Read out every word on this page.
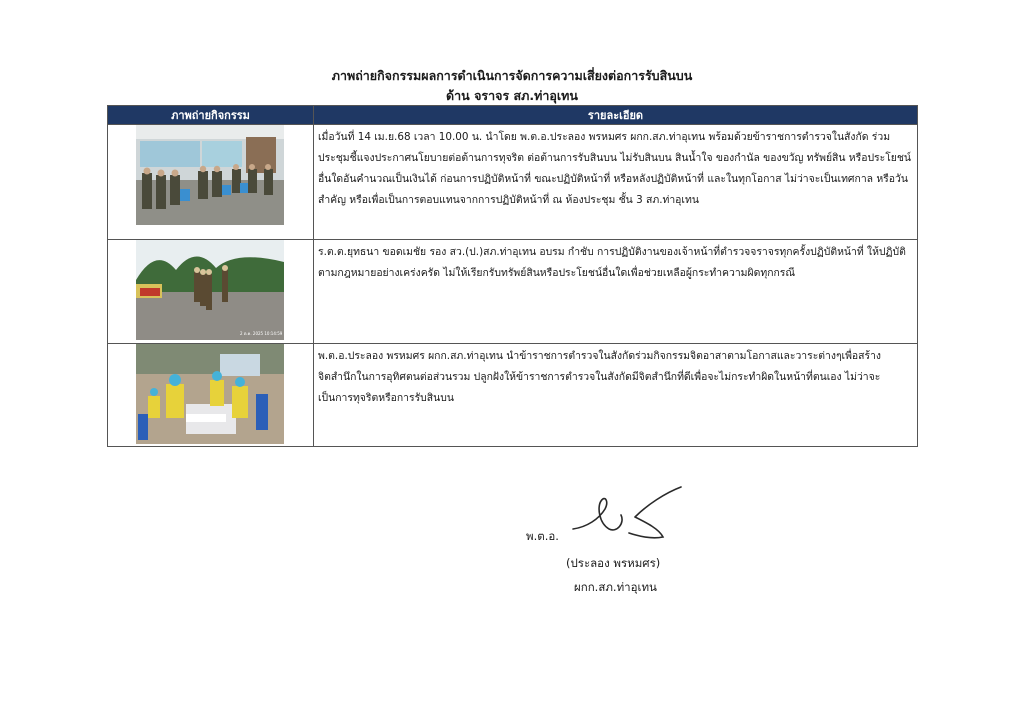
ภาพถ่ายกิจกรรมผลการดำเนินการจัดการความเสี่ยงต่อการรับสินบน
ด้าน จราจร สภ.ท่าอุเทน
ภาพถ่ายกิจกรรม	รายละเอียด

	เมื่อวันที่ 14 เม.ย.68 เวลา 10.00 น. นำโดย พ.ต.อ.ประลอง พรหมศร ผกก.สภ.ท่าอุเทน พร้อมด้วยข้าราชการตำรวจในสังกัด ร่วมประชุมชี้แจงประกาศนโยบายต่อต้านการทุจริต ต่อต้านการรับสินบน ไม่รับสินบน สินน้ำใจ ของกำนัล ของขวัญ ทรัพย์สิน หรือประโยชน์อื่นใดอันคำนวณเป็นเงินได้ ก่อนการปฏิบัติหน้าที่ ขณะปฏิบัติหน้าที่ หรือหลังปฏิบัติหน้าที่ และในทุกโอกาส ไม่ว่าจะเป็นเทศกาล หรือวันสำคัญ หรือเพื่อเป็นการตอบแทนจากการปฏิบัติหน้าที่ ณ ห้องประชุม ชั้น 3 สภ.ท่าอุเทน

2 ต.ค. 2025 10:14:59	ร.ต.ต.ยุทธนา ขอดเมชัย รอง สว.(ป.)สภ.ท่าอุเทน อบรม กำชับ การปฏิบัติงานของเจ้าหน้าที่ตำรวจจราจรทุกครั้งปฏิบัติหน้าที่ ให้ปฏิบัติตามกฎหมายอย่างเคร่งครัด ไม่ให้เรียกรับทรัพย์สินหรือประโยชน์อื่นใดเพื่อช่วยเหลือผู้กระทำความผิดทุกกรณี

	พ.ต.อ.ประลอง พรหมศร ผกก.สภ.ท่าอุเทน นำข้าราชการตำรวจในสังกัดร่วมกิจกรรมจิตอาสาตามโอกาสและวาระต่างๆเพื่อสร้างจิตสำนึกในการอุทิศตนต่อส่วนรวม ปลูกฝังให้ข้าราชการตำรวจในสังกัดมีจิตสำนึกที่ดีเพื่อจะไม่กระทำผิดในหน้าที่ตนเอง ไม่ว่าจะเป็นการทุจริตหรือการรับสินบน
พ.ต.อ.
(ประลอง พรหมศร)
ผกก.สภ.ท่าอุเทน
